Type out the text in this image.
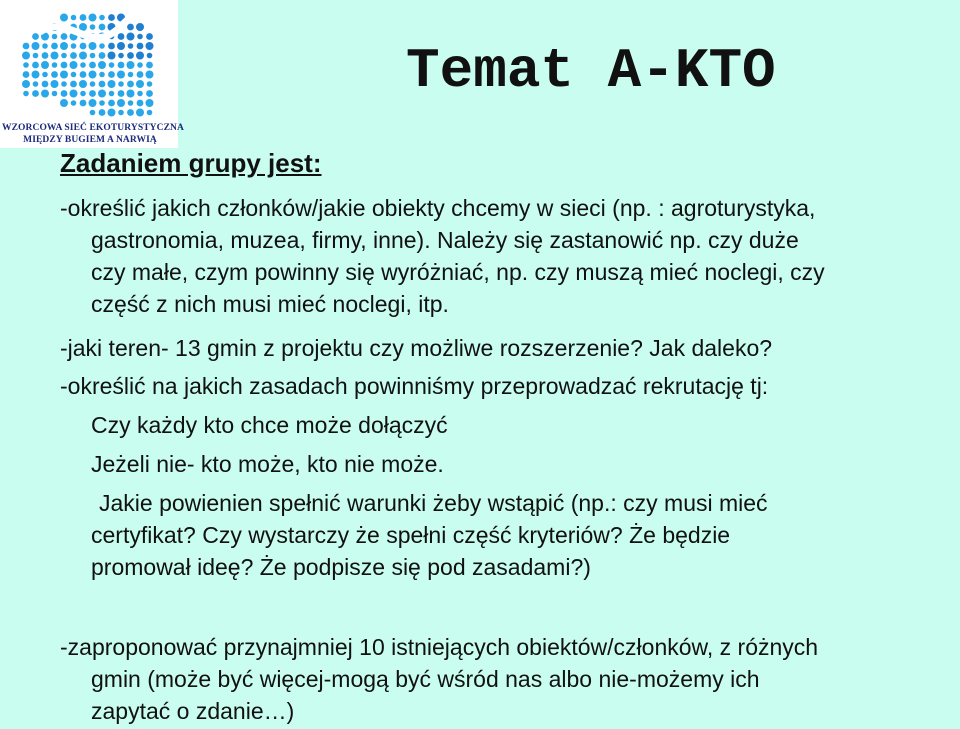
WZORCOWA SIEĆ EKOTURYSTYCZNA
MIĘDZY BUGIEM A NARWIĄ
Temat A-KTO
Zadaniem grupy jest:
-określić jakich członków/jakie obiekty chcemy w sieci (np. : agroturystyka,
gastronomia, muzea, firmy, inne). Należy się zastanowić np. czy duże
czy małe, czym powinny się wyróżniać, np. czy muszą mieć noclegi, czy
część z nich musi mieć noclegi, itp.
-jaki teren- 13 gmin z projektu czy możliwe rozszerzenie? Jak daleko?
-określić na jakich zasadach powinniśmy przeprowadzać rekrutację tj:
Czy każdy kto chce może dołączyć
Jeżeli nie- kto może, kto nie może.
Jakie powienien spełnić warunki żeby wstąpić (np.: czy musi mieć
certyfikat? Czy wystarczy że spełni część kryteriów? Że będzie
promował ideę? Że podpisze się pod zasadami?)
-zaproponować przynajmniej 10 istniejących obiektów/członków, z różnych
gmin (może być więcej-mogą być wśród nas albo nie-możemy ich
zapytać o zdanie…)
